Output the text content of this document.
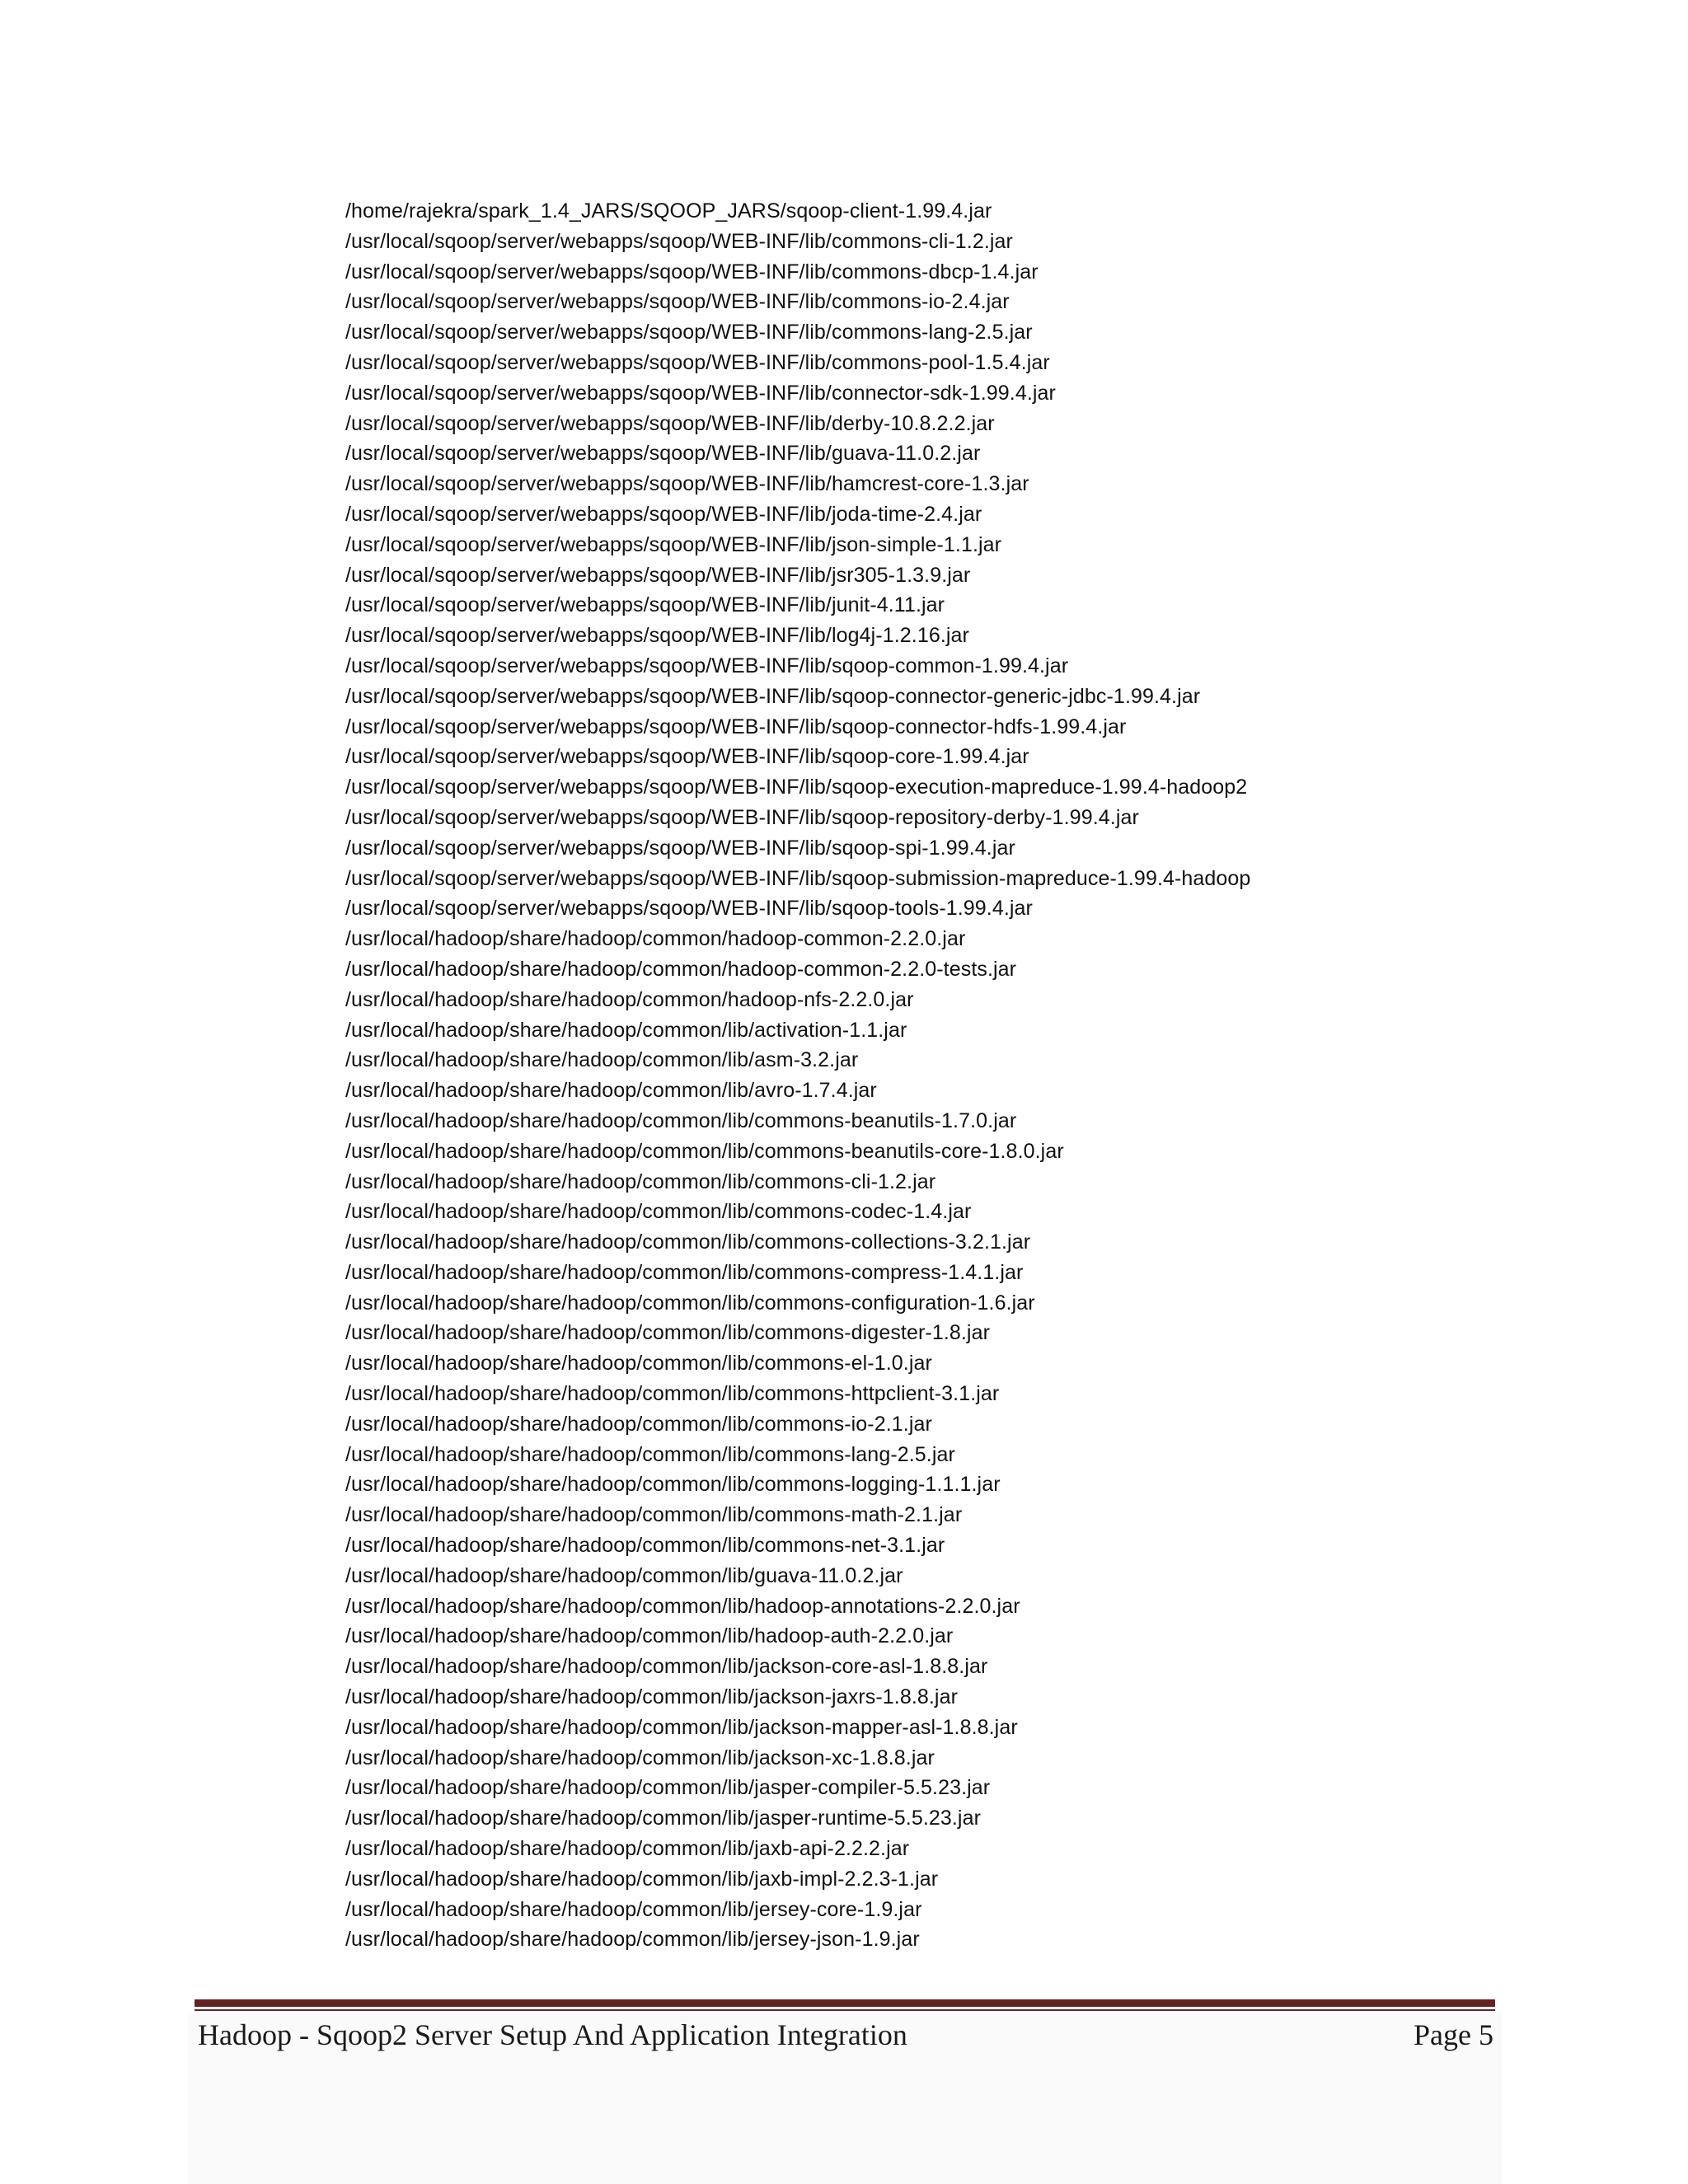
/home/rajekra/spark_1.4_JARS/SQOOP_JARS/sqoop-client-1.99.4.jar
/usr/local/sqoop/server/webapps/sqoop/WEB-INF/lib/commons-cli-1.2.jar
/usr/local/sqoop/server/webapps/sqoop/WEB-INF/lib/commons-dbcp-1.4.jar
/usr/local/sqoop/server/webapps/sqoop/WEB-INF/lib/commons-io-2.4.jar
/usr/local/sqoop/server/webapps/sqoop/WEB-INF/lib/commons-lang-2.5.jar
/usr/local/sqoop/server/webapps/sqoop/WEB-INF/lib/commons-pool-1.5.4.jar
/usr/local/sqoop/server/webapps/sqoop/WEB-INF/lib/connector-sdk-1.99.4.jar
/usr/local/sqoop/server/webapps/sqoop/WEB-INF/lib/derby-10.8.2.2.jar
/usr/local/sqoop/server/webapps/sqoop/WEB-INF/lib/guava-11.0.2.jar
/usr/local/sqoop/server/webapps/sqoop/WEB-INF/lib/hamcrest-core-1.3.jar
/usr/local/sqoop/server/webapps/sqoop/WEB-INF/lib/joda-time-2.4.jar
/usr/local/sqoop/server/webapps/sqoop/WEB-INF/lib/json-simple-1.1.jar
/usr/local/sqoop/server/webapps/sqoop/WEB-INF/lib/jsr305-1.3.9.jar
/usr/local/sqoop/server/webapps/sqoop/WEB-INF/lib/junit-4.11.jar
/usr/local/sqoop/server/webapps/sqoop/WEB-INF/lib/log4j-1.2.16.jar
/usr/local/sqoop/server/webapps/sqoop/WEB-INF/lib/sqoop-common-1.99.4.jar
/usr/local/sqoop/server/webapps/sqoop/WEB-INF/lib/sqoop-connector-generic-jdbc-1.99.4.jar
/usr/local/sqoop/server/webapps/sqoop/WEB-INF/lib/sqoop-connector-hdfs-1.99.4.jar
/usr/local/sqoop/server/webapps/sqoop/WEB-INF/lib/sqoop-core-1.99.4.jar
/usr/local/sqoop/server/webapps/sqoop/WEB-INF/lib/sqoop-execution-mapreduce-1.99.4-hadoop2
/usr/local/sqoop/server/webapps/sqoop/WEB-INF/lib/sqoop-repository-derby-1.99.4.jar
/usr/local/sqoop/server/webapps/sqoop/WEB-INF/lib/sqoop-spi-1.99.4.jar
/usr/local/sqoop/server/webapps/sqoop/WEB-INF/lib/sqoop-submission-mapreduce-1.99.4-hadoop
/usr/local/sqoop/server/webapps/sqoop/WEB-INF/lib/sqoop-tools-1.99.4.jar
/usr/local/hadoop/share/hadoop/common/hadoop-common-2.2.0.jar
/usr/local/hadoop/share/hadoop/common/hadoop-common-2.2.0-tests.jar
/usr/local/hadoop/share/hadoop/common/hadoop-nfs-2.2.0.jar
/usr/local/hadoop/share/hadoop/common/lib/activation-1.1.jar
/usr/local/hadoop/share/hadoop/common/lib/asm-3.2.jar
/usr/local/hadoop/share/hadoop/common/lib/avro-1.7.4.jar
/usr/local/hadoop/share/hadoop/common/lib/commons-beanutils-1.7.0.jar
/usr/local/hadoop/share/hadoop/common/lib/commons-beanutils-core-1.8.0.jar
/usr/local/hadoop/share/hadoop/common/lib/commons-cli-1.2.jar
/usr/local/hadoop/share/hadoop/common/lib/commons-codec-1.4.jar
/usr/local/hadoop/share/hadoop/common/lib/commons-collections-3.2.1.jar
/usr/local/hadoop/share/hadoop/common/lib/commons-compress-1.4.1.jar
/usr/local/hadoop/share/hadoop/common/lib/commons-configuration-1.6.jar
/usr/local/hadoop/share/hadoop/common/lib/commons-digester-1.8.jar
/usr/local/hadoop/share/hadoop/common/lib/commons-el-1.0.jar
/usr/local/hadoop/share/hadoop/common/lib/commons-httpclient-3.1.jar
/usr/local/hadoop/share/hadoop/common/lib/commons-io-2.1.jar
/usr/local/hadoop/share/hadoop/common/lib/commons-lang-2.5.jar
/usr/local/hadoop/share/hadoop/common/lib/commons-logging-1.1.1.jar
/usr/local/hadoop/share/hadoop/common/lib/commons-math-2.1.jar
/usr/local/hadoop/share/hadoop/common/lib/commons-net-3.1.jar
/usr/local/hadoop/share/hadoop/common/lib/guava-11.0.2.jar
/usr/local/hadoop/share/hadoop/common/lib/hadoop-annotations-2.2.0.jar
/usr/local/hadoop/share/hadoop/common/lib/hadoop-auth-2.2.0.jar
/usr/local/hadoop/share/hadoop/common/lib/jackson-core-asl-1.8.8.jar
/usr/local/hadoop/share/hadoop/common/lib/jackson-jaxrs-1.8.8.jar
/usr/local/hadoop/share/hadoop/common/lib/jackson-mapper-asl-1.8.8.jar
/usr/local/hadoop/share/hadoop/common/lib/jackson-xc-1.8.8.jar
/usr/local/hadoop/share/hadoop/common/lib/jasper-compiler-5.5.23.jar
/usr/local/hadoop/share/hadoop/common/lib/jasper-runtime-5.5.23.jar
/usr/local/hadoop/share/hadoop/common/lib/jaxb-api-2.2.2.jar
/usr/local/hadoop/share/hadoop/common/lib/jaxb-impl-2.2.3-1.jar
/usr/local/hadoop/share/hadoop/common/lib/jersey-core-1.9.jar
/usr/local/hadoop/share/hadoop/common/lib/jersey-json-1.9.jar
Hadoop - Sqoop2 Server Setup And Application Integration	Page 5
